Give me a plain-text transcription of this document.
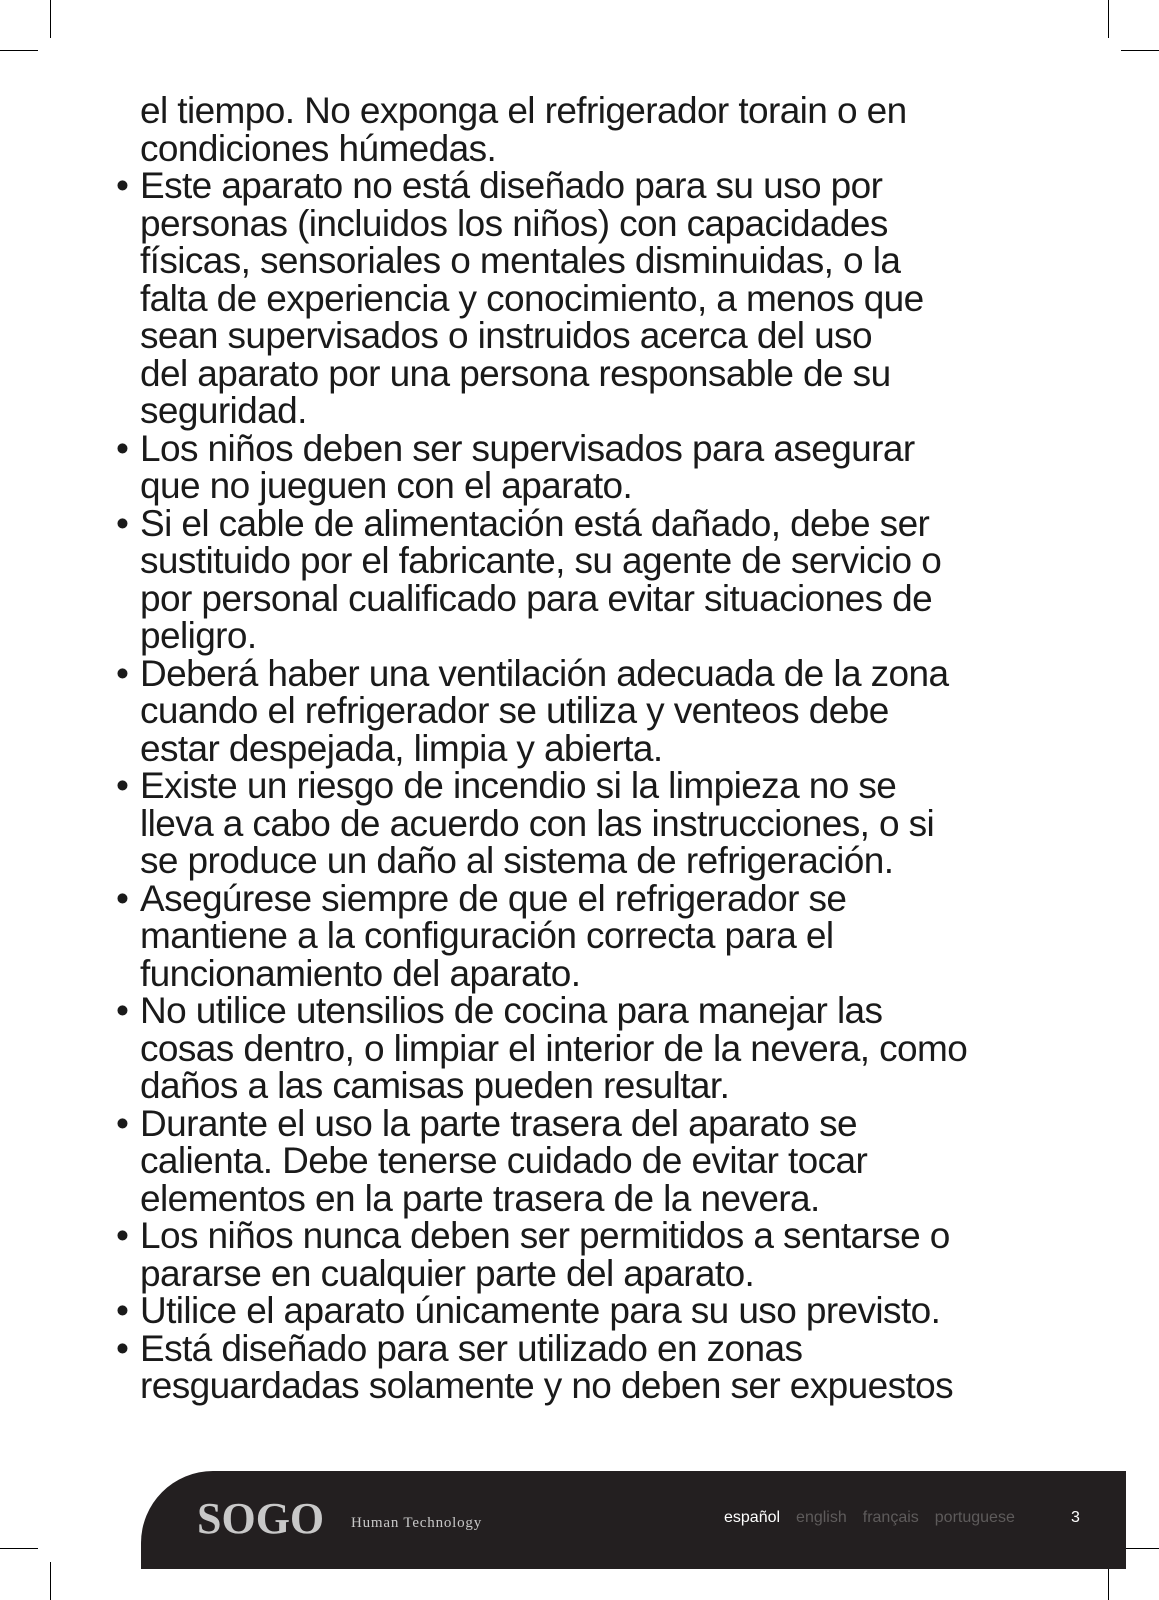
el tiempo. No exponga el refrigerador torain o en
condiciones húmedas.

• Este aparato no está diseñado para su uso por
personas (incluidos los niños) con capacidades
físicas, sensoriales o mentales disminuidas, o la
falta de experiencia y conocimiento, a menos que
sean supervisados o instruidos acerca del uso
del aparato por una persona responsable de su
seguridad.
• Los niños deben ser supervisados para asegurar
que no jueguen con el aparato.
• Si el cable de alimentación está dañado, debe ser
sustituido por el fabricante, su agente de servicio o
por personal cualificado para evitar situaciones de
peligro.
• Deberá haber una ventilación adecuada de la zona
cuando el refrigerador se utiliza y venteos debe
estar despejada, limpia y abierta.
• Existe un riesgo de incendio si la limpieza no se
lleva a cabo de acuerdo con las instrucciones, o si
se produce un daño al sistema de refrigeración.
• Asegúrese siempre de que el refrigerador se
mantiene a la configuración correcta para el
funcionamiento del aparato.
• No utilice utensilios de cocina para manejar las
cosas dentro, o limpiar el interior de la nevera, como
daños a las camisas pueden resultar.
• Durante el uso la parte trasera del aparato se
calienta. Debe tenerse cuidado de evitar tocar
elementos en la parte trasera de la nevera.
• Los niños nunca deben ser permitidos a sentarse o
pararse en cualquier parte del aparato.
• Utilice el aparato únicamente para su uso previsto.
• Está diseñado para ser utilizado en zonas
resguardadas solamente y no deben ser expuestos
SOGO Human Technology	español english français portuguese	3
